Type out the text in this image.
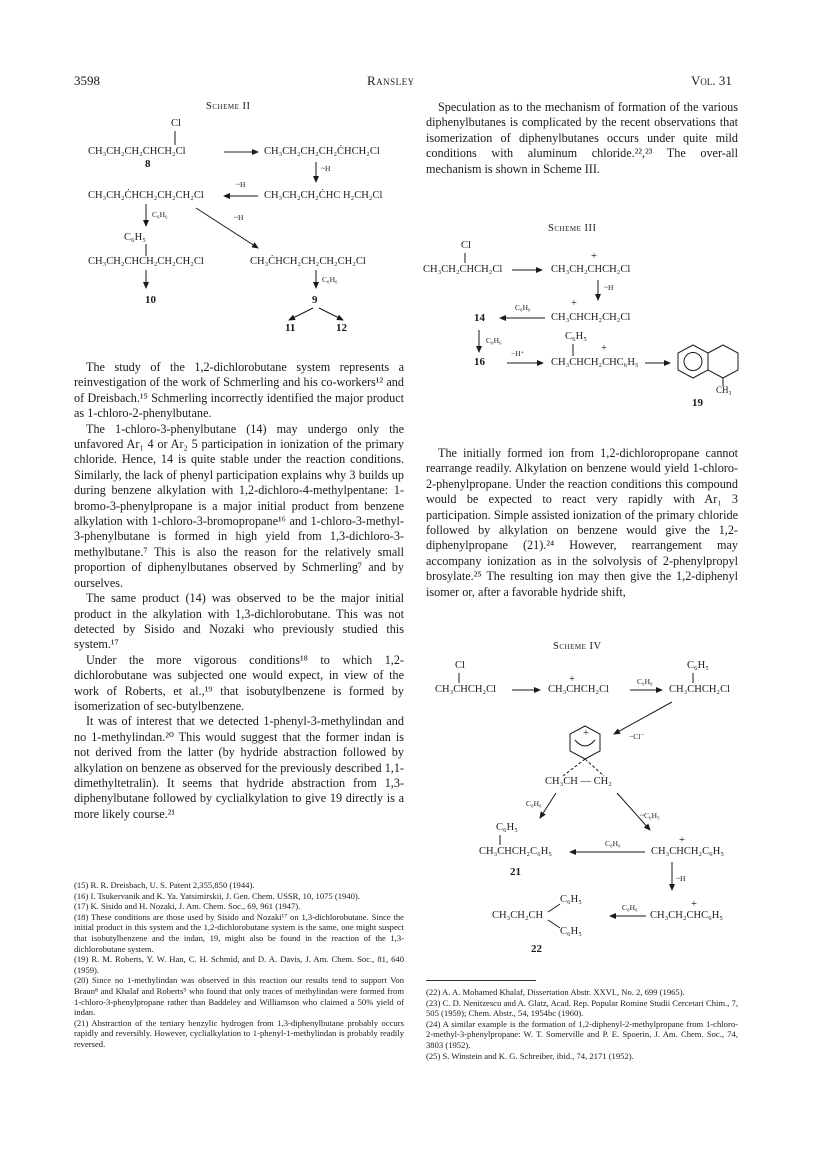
3598	Ransley	Vol. 31
Scheme II
Cl
CH₃CH₂CH₂CHCH₂Cl	CH₃CH₂CH₂CH₂ĊHCH₂Cl
8	~H
CH₃CH₂ĊHCH₂CH₂CH₂Cl
~H
CH₃CH₂CH₂ĊHC H₂CH₂Cl
C₆H₆	~H
C₆H₅
CH₃CH₂CHCH₂CH₂CH₂Cl	CH₃ĊHCH₂CH₂CH₂CH₂Cl
C₆H₆
10	9
11	12

The study of the 1,2-dichlorobutane system represents a reinvestigation of the work of Schmerling and his co-workers¹² and of Dreisbach.¹⁵ Schmerling incorrectly identified the major product as 1-chloro-2-phenylbutane.

The 1-chloro-3-phenylbutane (14) may undergo only the unfavored Ar₁ 4 or Ar₂ 5 participation in ionization of the primary chloride. Hence, 14 is quite stable under the reaction conditions. Similarly, the lack of phenyl participation explains why 3 builds up during benzene alkylation with 1,2-dichloro-4-methylpentane: 1-bromo-3-phenylpropane is a major initial product from benzene alkylation with 1-chloro-3-bromopropane¹⁶ and 1-chloro-3-methyl-3-phenylbutane is formed in high yield from 1,3-dichloro-3-methylbutane.⁷ This is also the reason for the relatively small proportion of diphenylbutanes observed by Schmerling⁷ and by ourselves.

The same product (14) was observed to be the major initial product in the alkylation with 1,3-dichlorobutane. This was not detected by Sisido and Nozaki who previously studied this system.¹⁷

Under the more vigorous conditions¹⁸ to which 1,2-dichlorobutane was subjected one would expect, in view of the work of Roberts, et al.,¹⁹ that isobutylbenzene is formed by isomerization of sec-butylbenzene.

It was of interest that we detected 1-phenyl-3-methylindan and no 1-methylindan.²⁰ This would suggest that the former indan is not derived from the latter (by hydride abstraction followed by alkylation on benzene as observed for the previously described 1,1-dimethyltetralin). It seems that hydride abstraction from 1,3-diphenylbutane followed by cyclialkylation to give 19 directly is a more likely course.²¹

(15) R. R. Dreisbach, U. S. Patent 2,355,850 (1944).
(16) I. Tsukervanik and K. Ya. Yatsimirskii, J. Gen. Chem. USSR, 10, 1075 (1940).
(17) K. Sisido and H. Nozaki, J. Am. Chem. Soc., 69, 961 (1947).
(18) These conditions are those used by Sisido and Nozaki¹⁷ on 1,3-dichlorobutane. Since the initial product in this system and the 1,2-dichlorobutane system is the same, one might suspect that isobutylbenzene and the indan, 19, might also be found in the reaction of the 1,3-dichlorobutane system.
(19) R. M. Roberts, Y. W. Han, C. H. Schmid, and D. A. Davis, J. Am. Chem. Soc., 81, 640 (1959).
(20) Since no 1-methylindan was observed in this reaction our results tend to support Von Braun⁸ and Khalaf and Roberts⁹ who found that only traces of methylindan were formed from 1-chloro-3-phenylpropane rather than Baddeley and Williamson who claimed a 50% yield of indan.
(21) Abstraction of the tertiary benzylic hydrogen from 1,3-diphenylbutane probably occurs rapidly and reversibly. However, cyclialkylation to 1-phenyl-1-methylindan is probably readily reversed.

Speculation as to the mechanism of formation of the various diphenylbutanes is complicated by the recent observations that isomerization of diphenylbutanes occurs under quite mild conditions with aluminum chloride.²²,²³ The over-all mechanism is shown in Scheme III.

Scheme III
Cl
CH₃CH₂CHCH₂Cl
+
CH₃CH₂CHCH₂Cl
~H
+
14
C₆H₆
CH₃CHCH₂CH₂Cl
C₆H₆	C₆H₅
+
16
−H⁺
CH₃CHCH₂CHC₆H₅
CH₃
19

The initially formed ion from 1,2-dichloropropane cannot rearrange readily. Alkylation on benzene would yield 1-chloro-2-phenylpropane. Under the reaction conditions this compound would be expected to react very rapidly with Ar₁ 3 participation. Simple assisted ionization of the primary chloride followed by alkylation on benzene would give the 1,2-diphenylpropane (21).²⁴ However, rearrangement may accompany ionization as in the solvolysis of 2-phenylpropyl brosylate.²⁵ The resulting ion may then give the 1,2-diphenyl isomer or, after a favorable hydride shift,

Scheme IV
Cl
CH₃CHCH₂Cl
+
CH₃CHCH₂Cl
C₆H₆
C₆H₅
CH₃CHCH₂Cl
−Cl⁻
+
CH₃CH — CH₂
C₆H₆
~C₆H₅
C₆H₅
CH₃CHCH₂C₆H₅
C₆H₆	+
CH₃CHCH₂C₆H₅
21
~H
C₆H₅
CH₃CH₂CH
C₆H₅
C₆H₆	+
CH₃CH₂CHC₆H₅
22
(22) A. A. Mohamed Khalaf, Dissertation Abstr. XXVI., No. 2, 699 (1965).
(23) C. D. Nenitzescu and A. Glatz, Acad. Rep. Popular Romine Studii Cercetari Chim., 7, 505 (1959); Chem. Abstr., 54, 1954bc (1960).
(24) A similar example is the formation of 1,2-diphenyl-2-methylpropane from 1-chloro-2-methyl-3-phenylpropane: W. T. Somerville and P. E. Spoerin, J. Am. Chem. Soc., 74, 3803 (1952).
(25) S. Winstein and K. G. Schreiber, ibid., 74, 2171 (1952).
